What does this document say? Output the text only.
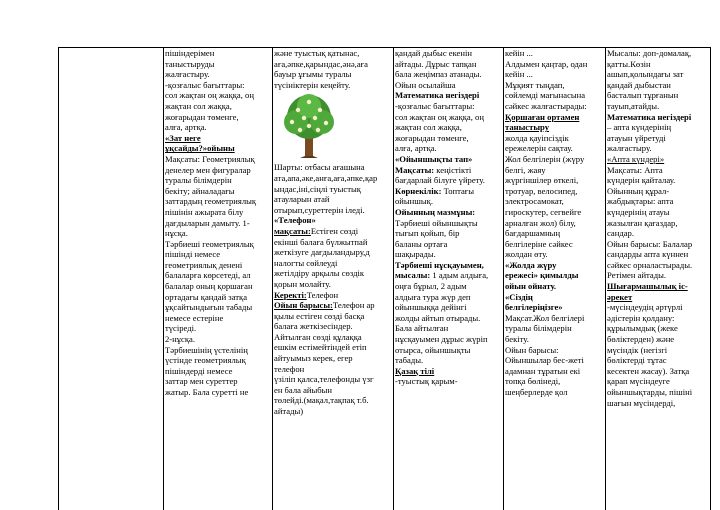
пішіндерімен
таныстыруды
жалғастыру.
-қозғалыс бағыттары:
сол жақтан оң жаққа, оң
жақтан сол жаққа,
жоғарыдан төменге,
алға, артқа.

«Зат неге
ұқсайды?»ойыны

Мақсаты: Геометриялық
денелер мен фигуралар
туралы білімдерін
бекіту; айналадағы
заттардың геометриялық
пішінін ажырата білу
дағдыларын дамыту. 1-
нұсқа.
Тәрбиеші геометриялық
пішінді немесе
геометриялық денені
балаларға көрсетеді, ал
балалар оның қоршаған
ортадағы қандай затқа
ұқсайтындығын табады
немесе естеріне
түсіреді.
2-нұсқа.
Тәрбиешінің үстелінің
үстінде геометриялық
пішіндерді немесе
заттар мен суреттер
жатыр. Бала суретті не

және туыстық қатынас,
аға,әпке,қарындас,әнә,аға
бауыр ұғымы туралы
түсініктерін кеңейту.

Шарты: отбасы ағашына
ата,апа,әке,анға,аға,әпке,қар
ындас,іні,сіңлі туыстық
атауларын атай
отырып,суреттерін іледі.

«Телефон»

мақсаты:Естіген сөзді
екінші балаға бүлжытпай
жеткізуге дағдыландыру,д
налогты сөйлеуді
жетілдіру арқылы сөздік
қорын молайту.

Керекті:Телефон

Ойын барысы:Телефон ар
қылы естіген сөзді басқа
балаға жеткізесіндер.
Айтылған сөзді құлаққа
ешкім естімейтіндей етіп
айтуымыз керек, егер
телефон
үзіліп қалса,телефонды үзг
ен бала айыбын
төлейді.(мақал,тақпақ т.б.
айтады)

қандай дыбыс екенін
айтады. Дұрыс тапқан
бала жеңімпаз атанады.
Ойын осылайша

Математика негіздері

-қозғалыс бағыттары:
сол жақтан оң жаққа, оң
жақтан сол жаққа,
жоғарыдан төменге,
алға, артқа.

«Ойыншықты тап»

Мақсаты: кеңістікті
бағдарлай білуге үйрету.

Көрнекілік: Топтағы
ойыншық.

Ойынның мазмұны:

Тәрбиеші ойыншықты
тығып қойып, бір
баланы ортаға
шақырады.

Тәрбиеші нұсқауымен,

мысалы: 1 адым алдыға,
оңға бұрыл, 2 адым
алдыға тура жүр деп
ойыншыққа дейінгі
жолды айтып отырады.
Бала айтылған
нұсқауымен дұрыс жүріп
отырса, ойыншықты
табады.

Қазақ тілі

-туыстық қарым-

кейін ...
Алдымен қаңтар, одан
кейін ...
Мұқият тыңдап,
сөйлемді мағынасына
сәйкес жалғастырады:

Қоршаған ортамен
таныстыру

жолда қауіпсіздік
ережелерін сақтау.
Жол белгілерін (жүру
белгі, жаяу
жүргіншілер өткелі,
тротуар, велосипед,
электросамокат,
гироскутер, сегвейге
арналған жол) білу,
бағдаршамның
белгілеріне сәйкес
жолдан өту.

«Жолда жүру
ережесі» қимылды
ойын ойнату.

«Сіздің
белгілеріңізге»

Мақсат.Жол белгілері
туралы білімдерін
бекіту.
Ойын барысы:
Ойыншылар бес-жеті
адамнан тұратын екі
топқа бөлінеді,
шеңберлерде қол

Мысалы: доп-домалақ,
қатты.Көзін
ашып,қолындағы зат
қандай дыбыстан
басталып тұрғанын
тауып,атайды.

Математика негіздері

– апта күндерінің
атауын үйретуді
жалғастыру.

«Апта күндері»

Мақсаты: Апта
күндерін қайталау.
Ойынның құрал-
жабдықтары: апта
күндерінің атауы
жазылған қағаздар,
сандар.
Ойын барысы: Балалар
сандарды апта күннен
сәйкес орналастырады.
Ретімен айтады.

Шығармашылық іс-
әрекет

-мүсіндеудің әртүрлі
әдістерін қолдану:
құрылымдық (жеке
бөліктерден) және
мүсіндік (негізгі
бөліктерді тұтас
кесектен жасау). Затқа
қарап мүсіндеуге
ойыншықтарды, пішіні
шағын мүсіндерді,
